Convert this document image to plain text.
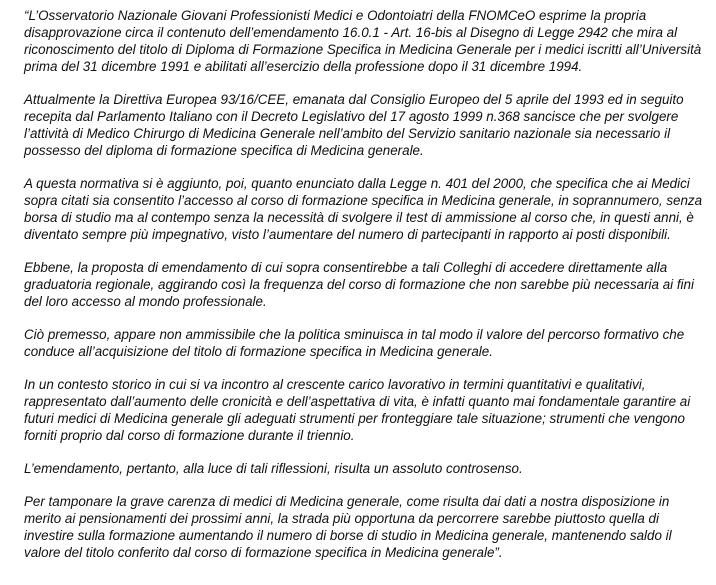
“L’Osservatorio Nazionale Giovani Professionisti Medici e Odontoiatri della FNOMCeO esprime la propria disapprovazione circa il contenuto dell’emendamento 16.0.1 - Art. 16-bis al Disegno di Legge 2942 che mira al riconoscimento del titolo di Diploma di Formazione Specifica in Medicina Generale per i medici iscritti all’Università prima del 31 dicembre 1991 e abilitati all’esercizio della professione dopo il 31 dicembre 1994.

Attualmente la Direttiva Europea 93/16/CEE, emanata dal Consiglio Europeo del 5 aprile del 1993 ed in seguito recepita dal Parlamento Italiano con il Decreto Legislativo del 17 agosto 1999 n.368 sancisce che per svolgere l’attività di Medico Chirurgo di Medicina Generale nell’ambito del Servizio sanitario nazionale sia necessario il possesso del diploma di formazione specifica di Medicina generale.

A questa normativa si è aggiunto, poi, quanto enunciato dalla Legge n. 401 del 2000, che specifica che ai Medici sopra citati sia consentito l’accesso al corso di formazione specifica in Medicina generale, in soprannumero, senza borsa di studio ma al contempo senza la necessità di svolgere il test di ammissione al corso che, in questi anni, è diventato sempre più impegnativo, visto l’aumentare del numero di partecipanti in rapporto ai posti disponibili.

Ebbene, la proposta di emendamento di cui sopra consentirebbe a tali Colleghi di accedere direttamente alla graduatoria regionale, aggirando così la frequenza del corso di formazione che non sarebbe più necessaria ai fini del loro accesso al mondo professionale.

Ciò premesso, appare non ammissibile che la politica sminuisca in tal modo il valore del percorso formativo che conduce all’acquisizione del titolo di formazione specifica in Medicina generale.

In un contesto storico in cui si va incontro al crescente carico lavorativo in termini quantitativi e qualitativi, rappresentato dall’aumento delle cronicità e dell’aspettativa di vita, è infatti quanto mai fondamentale garantire ai futuri medici di Medicina generale gli adeguati strumenti per fronteggiare tale situazione; strumenti che vengono forniti proprio dal corso di formazione durante il triennio.

L’emendamento, pertanto, alla luce di tali riflessioni, risulta un assoluto controsenso.

Per tamponare la grave carenza di medici di Medicina generale, come risulta dai dati a nostra disposizione in merito ai pensionamenti dei prossimi anni, la strada più opportuna da percorrere sarebbe piuttosto quella di investire sulla formazione aumentando il numero di borse di studio in Medicina generale, mantenendo saldo il valore del titolo conferito dal corso di formazione specifica in Medicina generale”.
